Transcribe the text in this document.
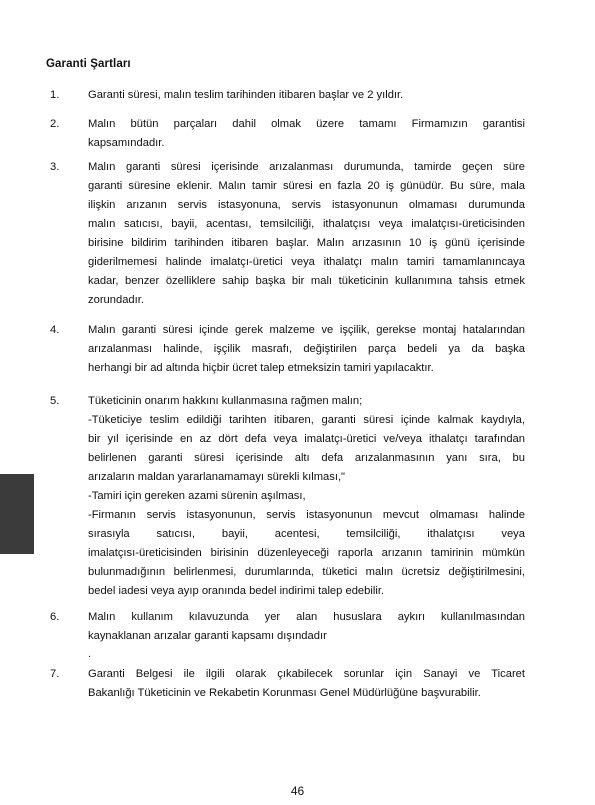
Garanti Şartları
1.	Garanti süresi, malın teslim tarihinden itibaren başlar ve 2 yıldır.
2.	Malın bütün parçaları dahil olmak üzere tamamı Firmamızın garantisi
kapsamındadır.
3.	Malın garanti süresi içerisinde arızalanması durumunda, tamirde geçen süre
garanti süresine eklenir. Malın tamir süresi en fazla 20 iş günüdür. Bu süre, mala
ilişkin arızanın servis istasyonuna, servis istasyonunun olmaması durumunda
malın satıcısı, bayii, acentası, temsilciliği, ithalatçısı veya imalatçısı-üreticisinden
birisine bildirim tarihinden itibaren başlar. Malın arızasının 10 iş günü içerisinde
giderilmemesi halinde imalatçı-üretici veya ithalatçı malın tamiri tamamlanıncaya
kadar, benzer özelliklere sahip başka bir malı tüketicinin kullanımına tahsis etmek
zorundadır.
4.	Malın garanti süresi içinde gerek malzeme ve işçilik, gerekse montaj hatalarından
arızalanması halinde, işçilik masrafı, değiştirilen parça bedeli ya da başka
herhangi bir ad altında hiçbir ücret talep etmeksizin tamiri yapılacaktır.
5.	Tüketicinin onarım hakkını kullanmasına rağmen malın;
-Tüketiciye teslim edildiği tarihten itibaren, garanti süresi içinde kalmak kaydıyla,
bir yıl içerisinde en az dört defa veya imalatçı-üretici ve/veya ithalatçı tarafından
belirlenen garanti süresi içerisinde altı defa arızalanmasının yanı sıra, bu
arızaların maldan yararlanamamayı sürekli kılması,"
-Tamiri için gereken azami sürenin aşılması,
-Firmanın servis istasyonunun, servis istasyonunun mevcut olmaması halinde
sırasıyla satıcısı, bayii, acentesi, temsilciliği, ithalatçısı veya
imalatçısı-üreticisinden birisinin düzenleyeceği raporla arızanın tamirinin mümkün
bulunmadığının belirlenmesi, durumlarında, tüketici malın ücretsiz değiştirilmesini,
bedel iadesi veya ayıp oranında bedel indirimi talep edebilir.
6.	Malın kullanım kılavuzunda yer alan hususlara aykırı kullanılmasından
kaynaklanan arızalar garanti kapsamı dışındadır
.
7.	Garanti Belgesi ile ilgili olarak çıkabilecek sorunlar için Sanayi ve Ticaret
Bakanlığı Tüketicinin ve Rekabetin Korunması Genel Müdürlüğüne başvurabilir.
46
